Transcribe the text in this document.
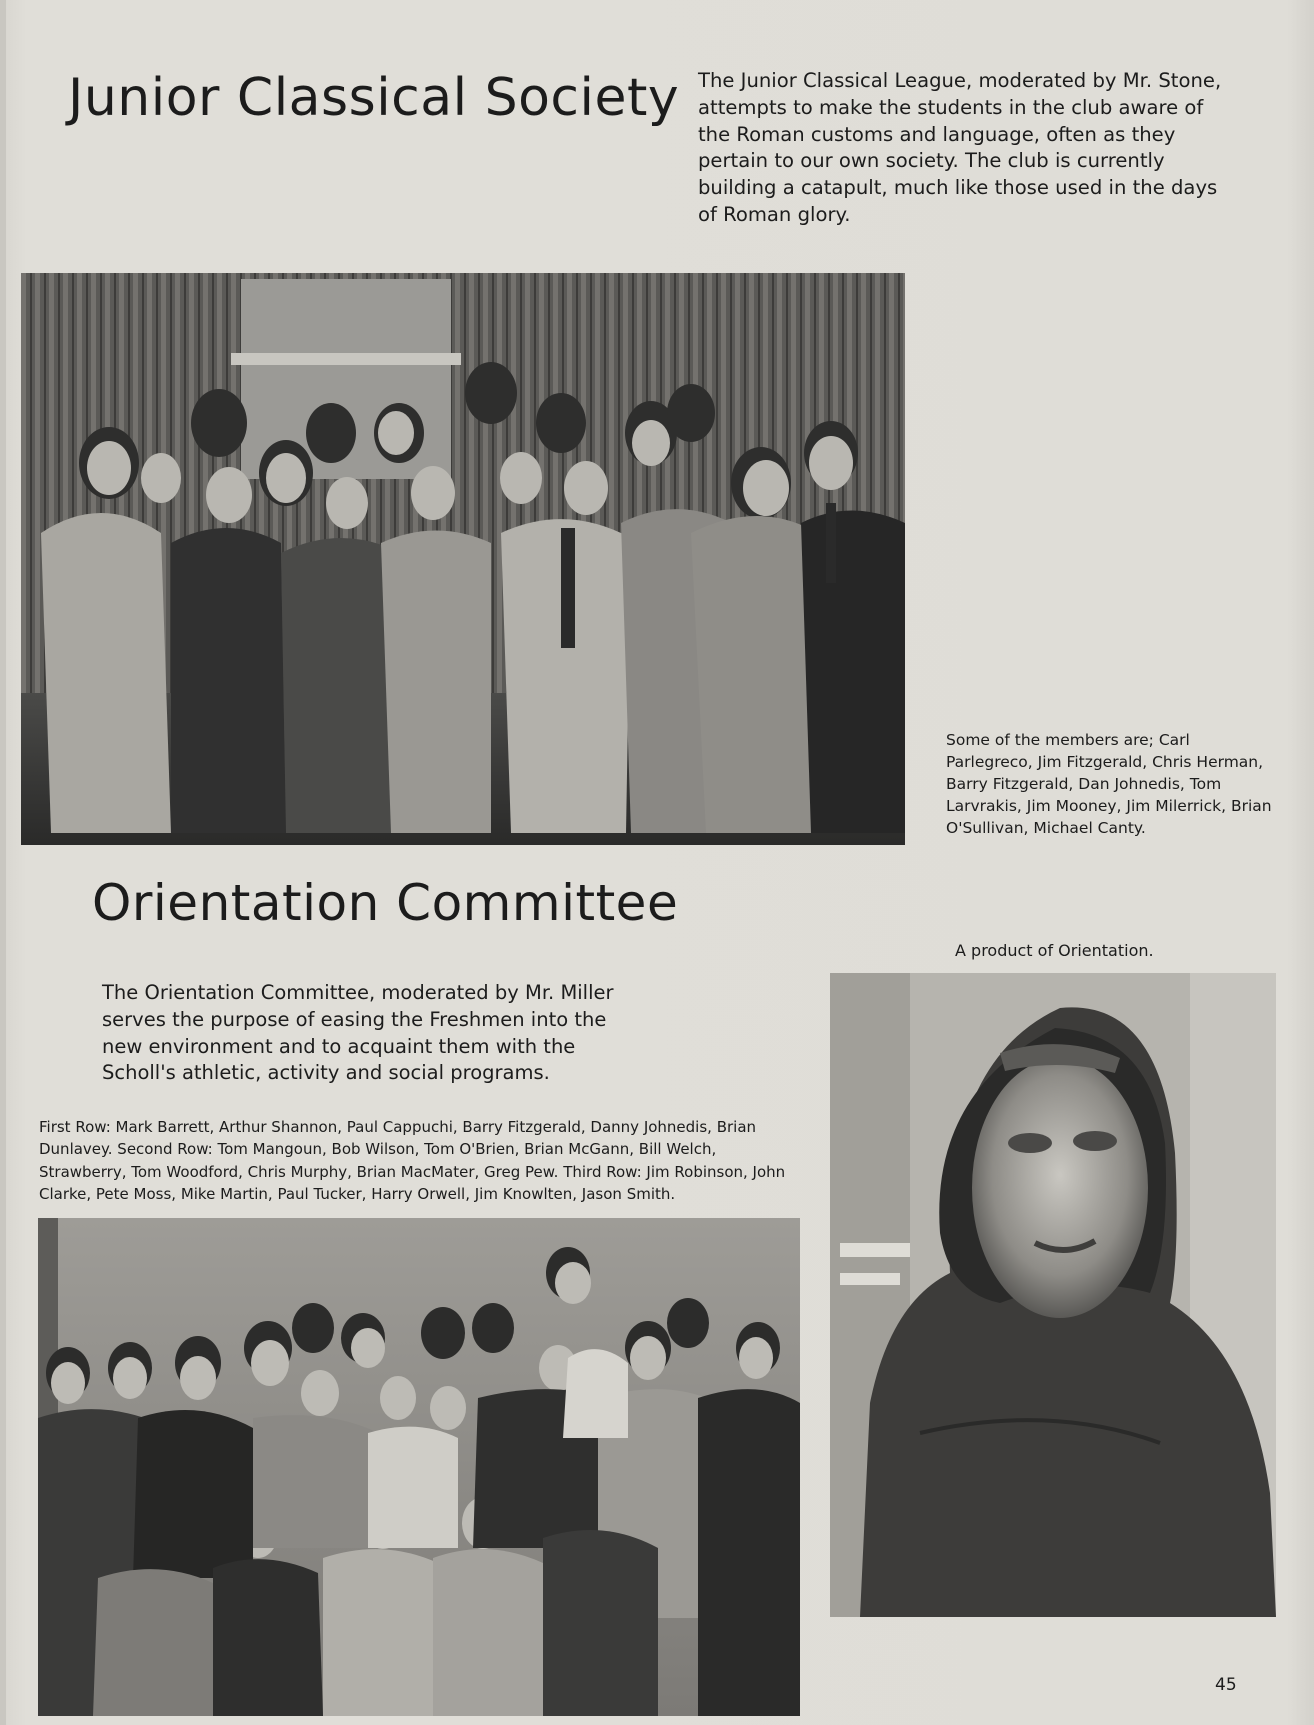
Junior Classical Society The Junior Classical League, moderated by Mr. Stone, attempts to make the students in the club aware of the Roman customs and language, often as they pertain to our own society. The club is currently building a catapult, much like those used in the days of Roman glory.

Some of the members are; Carl Parlegreco, Jim Fitzgerald, Chris Herman, Barry Fitzgerald, Dan Johnedis, Tom Larvrakis, Jim Mooney, Jim Milerrick, Brian O'Sullivan, Michael Canty.

Orientation Committee

A product of Orientation.

The Orientation Committee, moderated by Mr. Miller serves the purpose of easing the Freshmen into the new environment and to acquaint them with the Scholl's athletic, activity and social programs.

First Row: Mark Barrett, Arthur Shannon, Paul Cappuchi, Barry Fitzgerald, Danny Johnedis, Brian Dunlavey. Second Row: Tom Mangoun, Bob Wilson, Tom O'Brien, Brian McGann, Bill Welch, Strawberry, Tom Woodford, Chris Murphy, Brian MacMater, Greg Pew. Third Row: Jim Robinson, John Clarke, Pete Moss, Mike Martin, Paul Tucker, Harry Orwell, Jim Knowlten, Jason Smith.

45
